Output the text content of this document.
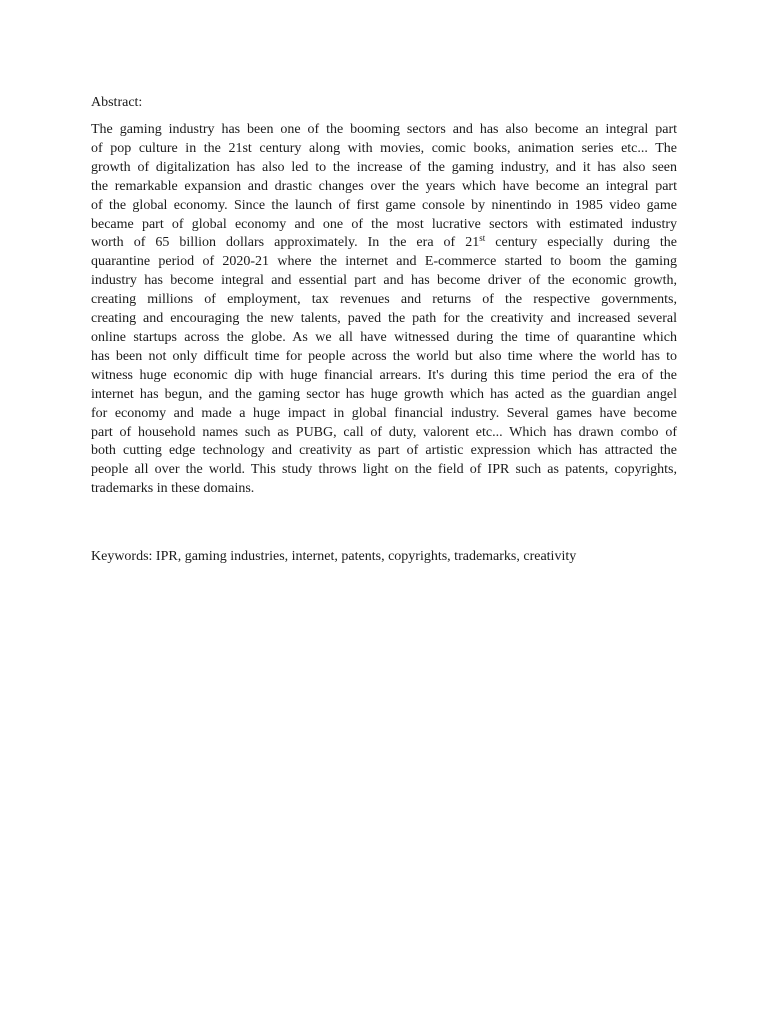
Abstract:

The gaming industry has been one of the booming sectors and has also become an integral part
of pop culture in the 21st century along with movies, comic books, animation series etc... The
growth of digitalization has also led to the increase of the gaming industry, and it has also seen
the remarkable expansion and drastic changes over the years which have become an integral part
of the global economy. Since the launch of first game console by ninentindo in 1985 video game
became part of global economy and one of the most lucrative sectors with estimated industry
worth of 65 billion dollars approximately. In the era of 21st century especially during the
quarantine period of 2020-21 where the internet and E-commerce started to boom the gaming
industry has become integral and essential part and has become driver of the economic growth,
creating millions of employment, tax revenues and returns of the respective governments,
creating and encouraging the new talents, paved the path for the creativity and increased several
online startups across the globe. As we all have witnessed during the time of quarantine which
has been not only difficult time for people across the world but also time where the world has to
witness huge economic dip with huge financial arrears. It's during this time period the era of the
internet has begun, and the gaming sector has huge growth which has acted as the guardian angel
for economy and made a huge impact in global financial industry. Several games have become
part of household names such as PUBG, call of duty, valorent etc... Which has drawn combo of
both cutting edge technology and creativity as part of artistic expression which has attracted the
people all over the world. This study throws light on the field of IPR such as patents, copyrights,
trademarks in these domains.

Keywords: IPR, gaming industries, internet, patents, copyrights, trademarks, creativity
